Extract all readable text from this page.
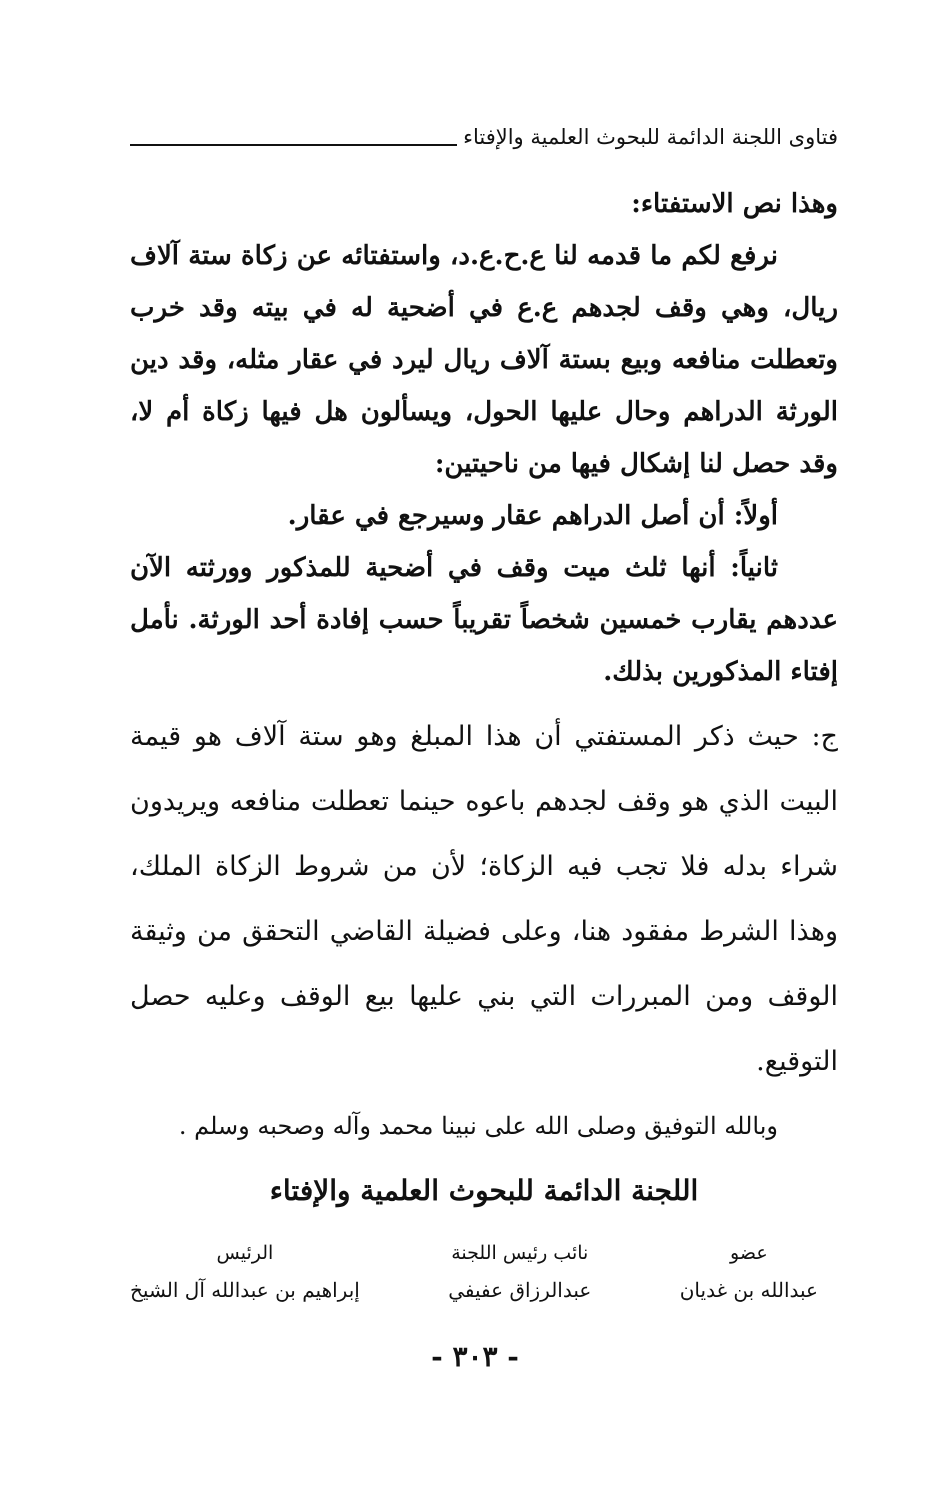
فتاوى اللجنة الدائمة للبحوث العلمية والإفتاء

وهذا نص الاستفتاء:

نرفع لكم ما قدمه لنا ع.ح.ع.د، واستفتائه عن زكاة ستة آلاف ريال، وهي وقف لجدهم ع.ع في أضحية له في بيته وقد خرب وتعطلت منافعه وبيع بستة آلاف ريال ليرد في عقار مثله، وقد دين الورثة الدراهم وحال عليها الحول، ويسألون هل فيها زكاة أم لا، وقد حصل لنا إشكال فيها من ناحيتين:

أولاً: أن أصل الدراهم عقار وسيرجع في عقار.

ثانياً: أنها ثلث ميت وقف في أضحية للمذكور وورثته الآن عددهم يقارب خمسين شخصاً تقريباً حسب إفادة أحد الورثة. نأمل إفتاء المذكورين بذلك.

ج: حيث ذكر المستفتي أن هذا المبلغ وهو ستة آلاف هو قيمة البيت الذي هو وقف لجدهم باعوه حينما تعطلت منافعه ويريدون شراء بدله فلا تجب فيه الزكاة؛ لأن من شروط الزكاة الملك، وهذا الشرط مفقود هنا، وعلى فضيلة القاضي التحقق من وثيقة الوقف ومن المبررات التي بني عليها بيع الوقف وعليه حصل التوقيع.

وبالله التوفيق وصلى الله على نبينا محمد وآله وصحبه وسلم .

اللجنة الدائمة للبحوث العلمية والإفتاء
عضو
عبدالله بن غديان
نائب رئيس اللجنة
عبدالرزاق عفيفي
الرئيس
إبراهيم بن عبدالله آل الشيخ
- ٣٠٣ -
